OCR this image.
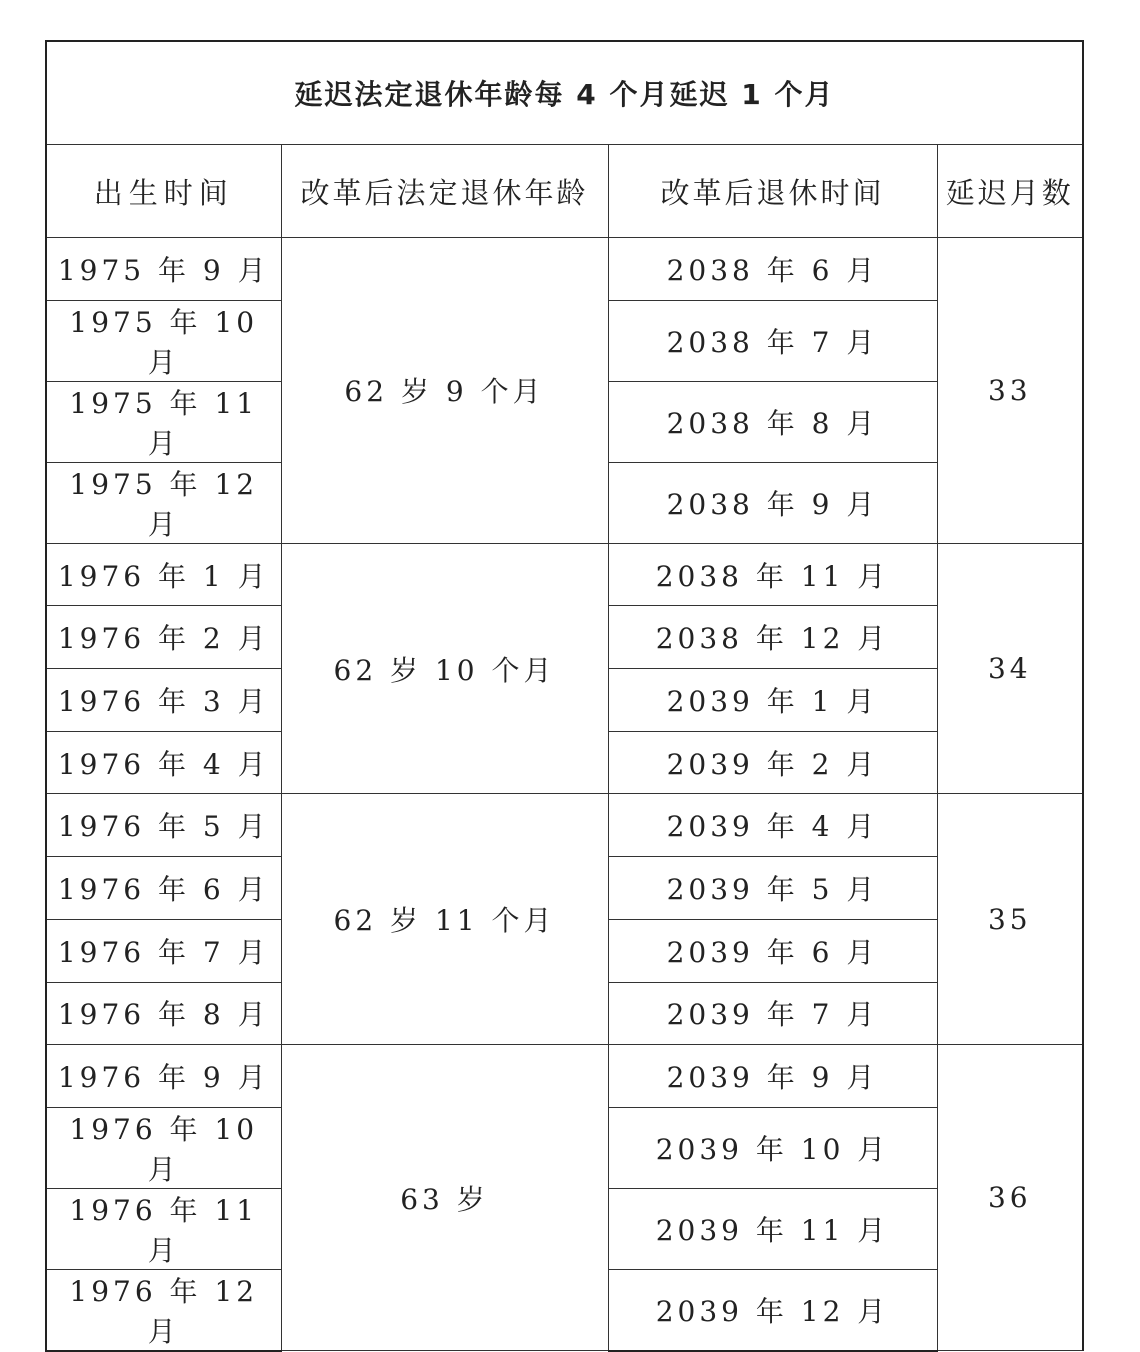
延迟法定退休年龄每 4 个月延迟 1 个月			
出生时间	改革后法定退休年龄	改革后退休时间	延迟月数
1975 年 9 月	62 岁 9 个月	2038 年 6 月	33
1975 年 10 月		2038 年 7 月	
1975 年 11 月		2038 年 8 月	
1975 年 12 月		2038 年 9 月	
1976 年 1 月	62 岁 10 个月	2038 年 11 月	34
1976 年 2 月		2038 年 12 月	
1976 年 3 月		2039 年 1 月	
1976 年 4 月		2039 年 2 月	
1976 年 5 月	62 岁 11 个月	2039 年 4 月	35
1976 年 6 月		2039 年 5 月	
1976 年 7 月		2039 年 6 月	
1976 年 8 月		2039 年 7 月	
1976 年 9 月	63 岁	2039 年 9 月	36
1976 年 10 月		2039 年 10 月	
1976 年 11 月		2039 年 11 月	
1976 年 12 月		2039 年 12 月	
